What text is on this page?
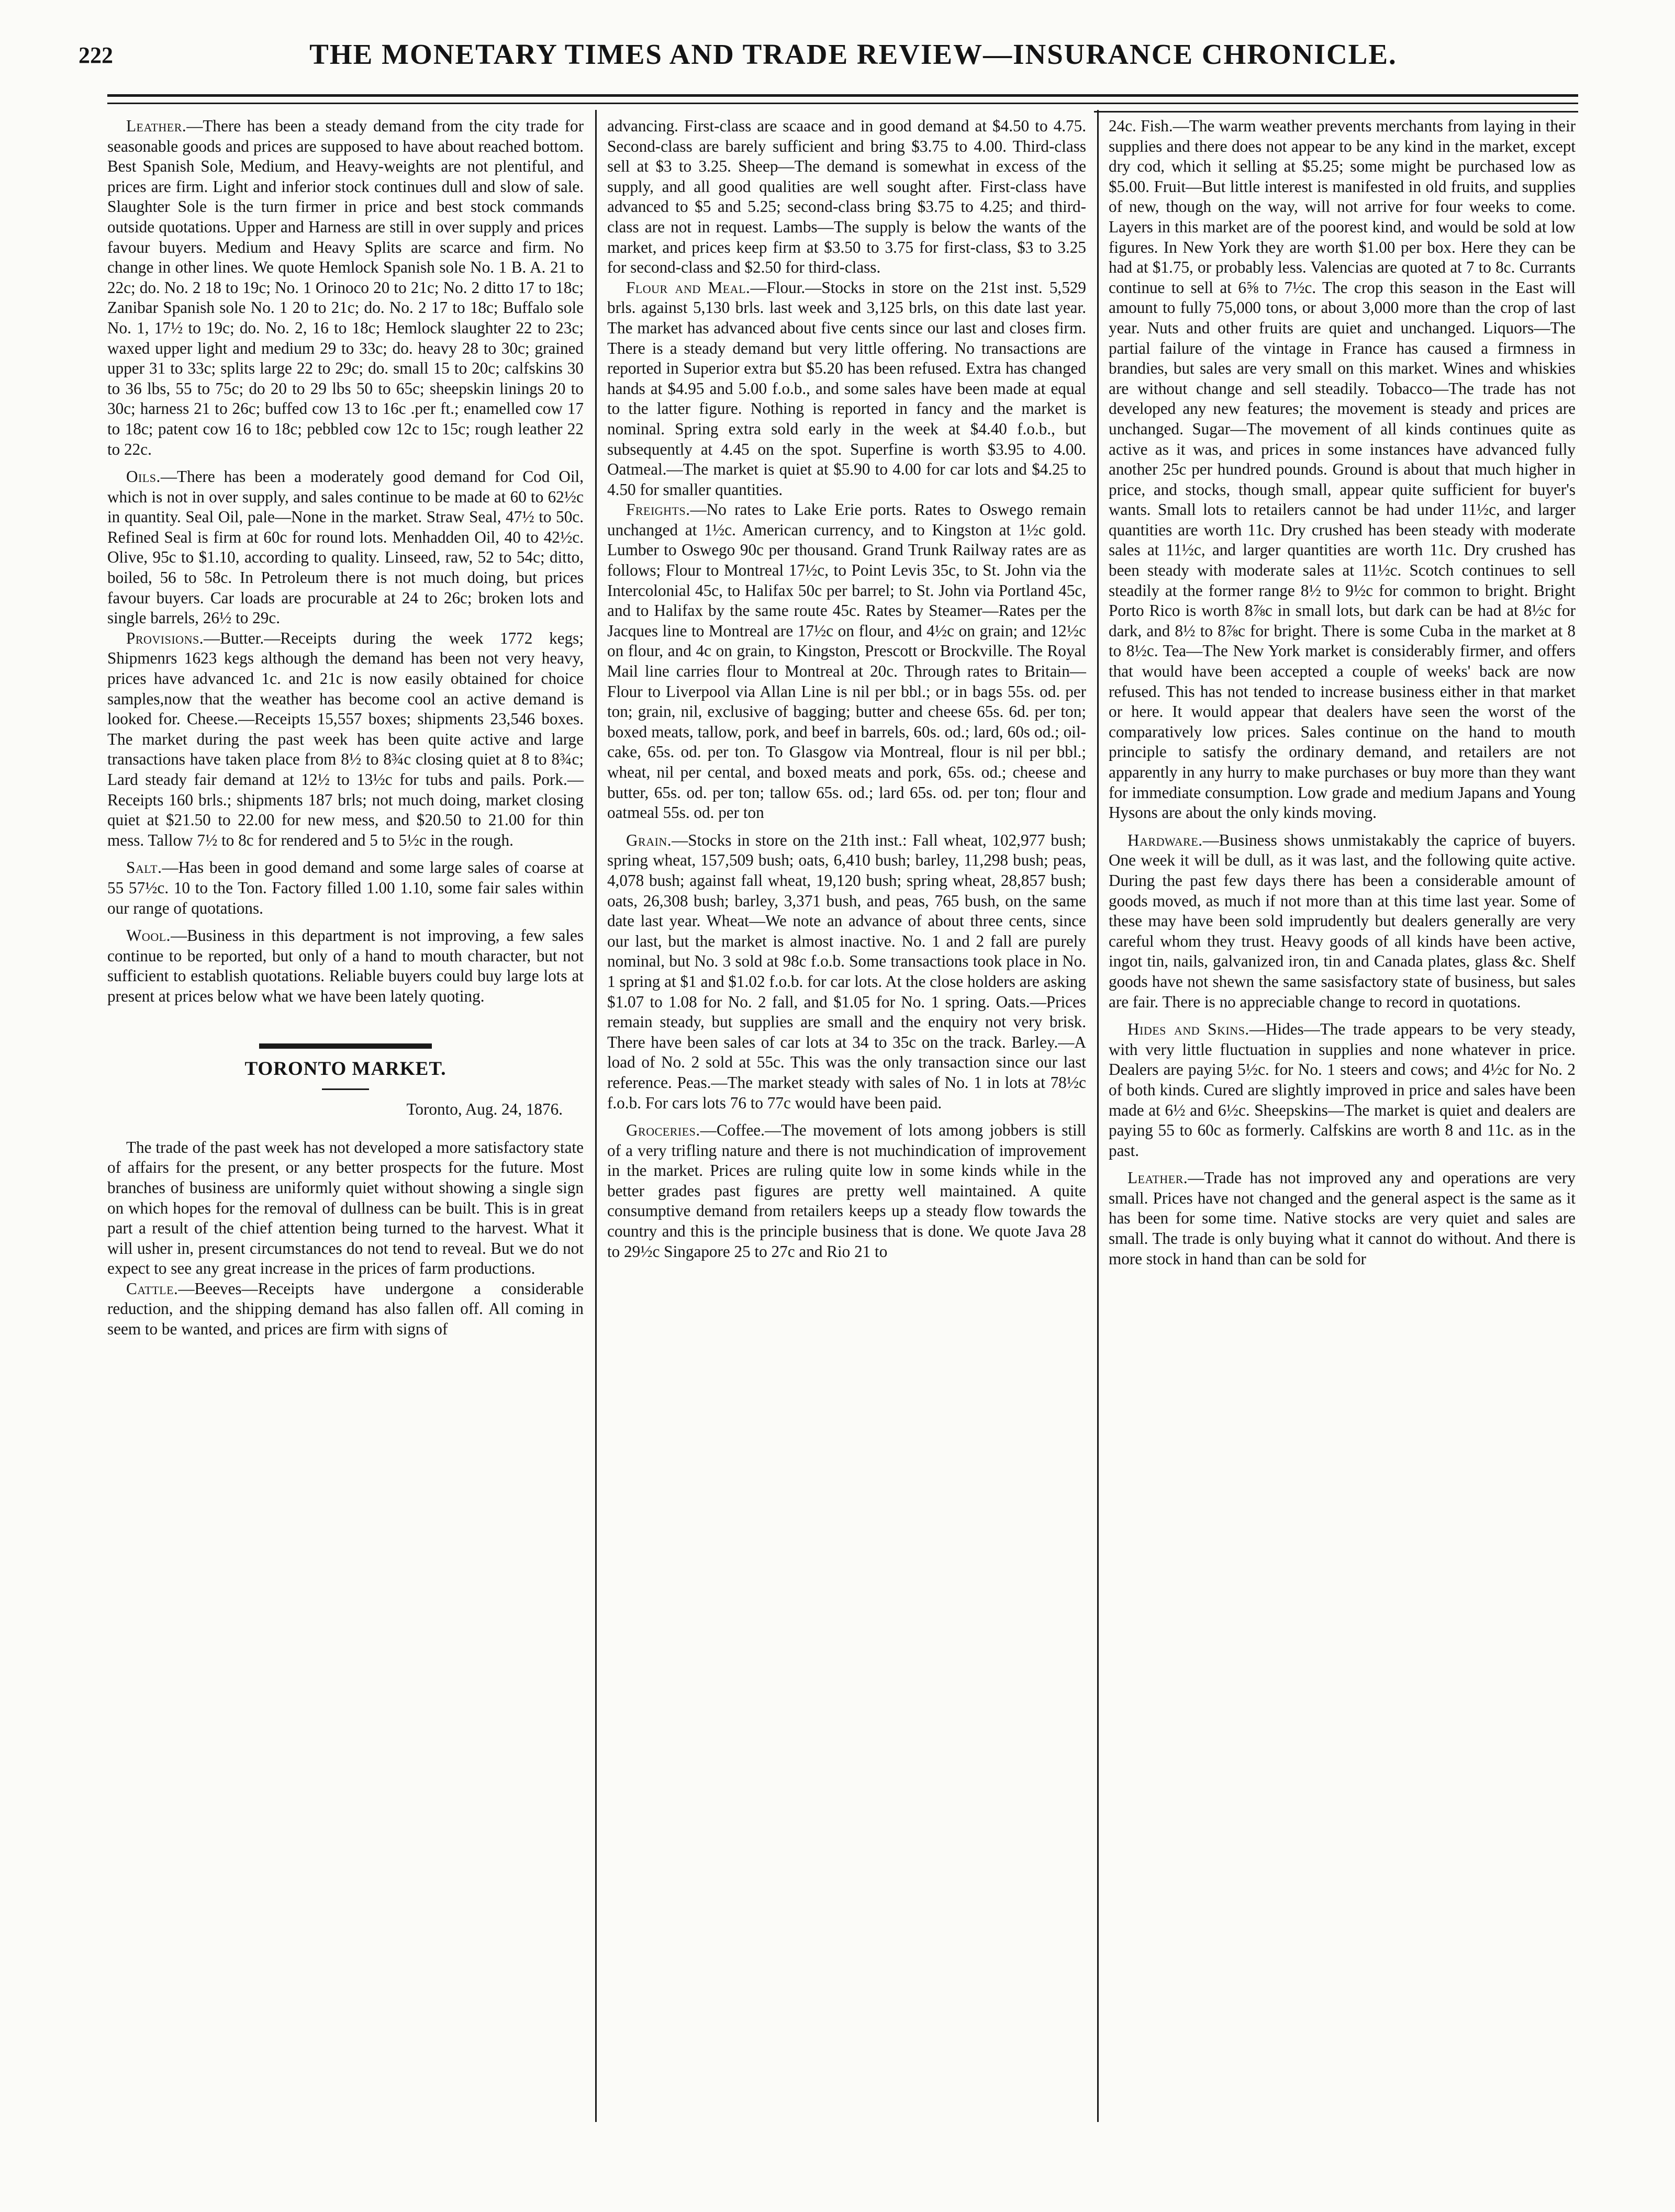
222	THE MONETARY TIMES AND TRADE REVIEW—INSURANCE CHRONICLE.

Leather.—There has been a steady demand from the city trade for seasonable goods and prices are supposed to have about reached bottom. Best Spanish Sole, Medium, and Heavy-weights are not plentiful, and prices are firm. Light and inferior stock continues dull and slow of sale. Slaughter Sole is the turn firmer in price and best stock commands outside quotations. Upper and Harness are still in over supply and prices favour buyers. Medium and Heavy Splits are scarce and firm. No change in other lines. We quote Hemlock Spanish sole No. 1 B. A. 21 to 22c; do. No. 2 18 to 19c; No. 1 Orinoco 20 to 21c; No. 2 ditto 17 to 18c; Zanibar Spanish sole No. 1 20 to 21c; do. No. 2 17 to 18c; Buffalo sole No. 1, 17½ to 19c; do. No. 2, 16 to 18c; Hemlock slaughter 22 to 23c; waxed upper light and medium 29 to 33c; do. heavy 28 to 30c; grained upper 31 to 33c; splits large 22 to 29c; do. small 15 to 20c; calfskins 30 to 36 lbs, 55 to 75c; do 20 to 29 lbs 50 to 65c; sheepskin linings 20 to 30c; harness 21 to 26c; buffed cow 13 to 16c .per ft.; enamelled cow 17 to 18c; patent cow 16 to 18c; pebbled cow 12c to 15c; rough leather 22 to 22c.

Oils.—There has been a moderately good demand for Cod Oil, which is not in over supply, and sales continue to be made at 60 to 62½c in quantity. Seal Oil, pale—None in the market. Straw Seal, 47½ to 50c. Refined Seal is firm at 60c for round lots. Menhadden Oil, 40 to 42½c. Olive, 95c to $1.10, according to quality. Linseed, raw, 52 to 54c; ditto, boiled, 56 to 58c. In Petroleum there is not much doing, but prices favour buyers. Car loads are procurable at 24 to 26c; broken lots and single barrels, 26½ to 29c.

Provisions.—Butter.—Receipts during the week 1772 kegs; Shipmenrs 1623 kegs although the demand has been not very heavy, prices have advanced 1c. and 21c is now easily obtained for choice samples,now that the weather has become cool an active demand is looked for. Cheese.—Receipts 15,557 boxes; shipments 23,546 boxes. The market during the past week has been quite active and large transactions have taken place from 8½ to 8¾c closing quiet at 8 to 8¾c; Lard steady fair demand at 12½ to 13½c for tubs and pails. Pork.—Receipts 160 brls.; shipments 187 brls; not much doing, market closing quiet at $21.50 to 22.00 for new mess, and $20.50 to 21.00 for thin mess. Tallow 7½ to 8c for rendered and 5 to 5½c in the rough.

Salt.—Has been in good demand and some large sales of coarse at 55 57½c. 10 to the Ton. Factory filled 1.00 1.10, some fair sales within our range of quotations.

Wool.—Business in this department is not improving, a few sales continue to be reported, but only of a hand to mouth character, but not sufficient to establish quotations. Reliable buyers could buy large lots at present at prices below what we have been lately quoting.

TORONTO MARKET.
Toronto, Aug. 24, 1876.

The trade of the past week has not developed a more satisfactory state of affairs for the present, or any better prospects for the future. Most branches of business are uniformly quiet without showing a single sign on which hopes for the removal of dullness can be built. This is in great part a result of the chief attention being turned to the harvest. What it will usher in, present circumstances do not tend to reveal. But we do not expect to see any great increase in the prices of farm productions.

Cattle.—Beeves—Receipts have undergone a considerable reduction, and the shipping demand has also fallen off. All coming in seem to be wanted, and prices are firm with signs of

advancing. First-class are scaace and in good demand at $4.50 to 4.75. Second-class are barely sufficient and bring $3.75 to 4.00. Third-class sell at $3 to 3.25. Sheep—The demand is somewhat in excess of the supply, and all good qualities are well sought after. First-class have advanced to $5 and 5.25; second-class bring $3.75 to 4.25; and third-class are not in request. Lambs—The supply is below the wants of the market, and prices keep firm at $3.50 to 3.75 for first-class, $3 to 3.25 for second-class and $2.50 for third-class.

Flour and Meal.—Flour.—Stocks in store on the 21st inst. 5,529 brls. against 5,130 brls. last week and 3,125 brls, on this date last year. The market has advanced about five cents since our last and closes firm. There is a steady demand but very little offering. No transactions are reported in Superior extra but $5.20 has been refused. Extra has changed hands at $4.95 and 5.00 f.o.b., and some sales have been made at equal to the latter figure. Nothing is reported in fancy and the market is nominal. Spring extra sold early in the week at $4.40 f.o.b., but subsequently at 4.45 on the spot. Superfine is worth $3.95 to 4.00. Oatmeal.—The market is quiet at $5.90 to 4.00 for car lots and $4.25 to 4.50 for smaller quantities.

Freights.—No rates to Lake Erie ports. Rates to Oswego remain unchanged at 1½c. American currency, and to Kingston at 1½c gold. Lumber to Oswego 90c per thousand. Grand Trunk Railway rates are as follows; Flour to Montreal 17½c, to Point Levis 35c, to St. John via the Intercolonial 45c, to Halifax 50c per barrel; to St. John via Portland 45c, and to Halifax by the same route 45c. Rates by Steamer—Rates per the Jacques line to Montreal are 17½c on flour, and 4½c on grain; and 12½c on flour, and 4c on grain, to Kingston, Prescott or Brockville. The Royal Mail line carries flour to Montreal at 20c. Through rates to Britain—Flour to Liverpool via Allan Line is nil per bbl.; or in bags 55s. od. per ton; grain, nil, exclusive of bagging; butter and cheese 65s. 6d. per ton; boxed meats, tallow, pork, and beef in barrels, 60s. od.; lard, 60s od.; oil-cake, 65s. od. per ton. To Glasgow via Montreal, flour is nil per bbl.; wheat, nil per cental, and boxed meats and pork, 65s. od.; cheese and butter, 65s. od. per ton; tallow 65s. od.; lard 65s. od. per ton; flour and oatmeal 55s. od. per ton

Grain.—Stocks in store on the 21th inst.: Fall wheat, 102,977 bush; spring wheat, 157,509 bush; oats, 6,410 bush; barley, 11,298 bush; peas, 4,078 bush; against fall wheat, 19,120 bush; spring wheat, 28,857 bush; oats, 26,308 bush; barley, 3,371 bush, and peas, 765 bush, on the same date last year. Wheat—We note an advance of about three cents, since our last, but the market is almost inactive. No. 1 and 2 fall are purely nominal, but No. 3 sold at 98c f.o.b. Some transactions took place in No. 1 spring at $1 and $1.02 f.o.b. for car lots. At the close holders are asking $1.07 to 1.08 for No. 2 fall, and $1.05 for No. 1 spring. Oats.—Prices remain steady, but supplies are small and the enquiry not very brisk. There have been sales of car lots at 34 to 35c on the track. Barley.—A load of No. 2 sold at 55c. This was the only transaction since our last reference. Peas.—The market steady with sales of No. 1 in lots at 78½c f.o.b. For cars lots 76 to 77c would have been paid.

Groceries.—Coffee.—The movement of lots among jobbers is still of a very trifling nature and there is not muchindication of improvement in the market. Prices are ruling quite low in some kinds while in the better grades past figures are pretty well maintained. A quite consumptive demand from retailers keeps up a steady flow towards the country and this is the principle business that is done. We quote Java 28 to 29½c Singapore 25 to 27c and Rio 21 to

24c. Fish.—The warm weather prevents merchants from laying in their supplies and there does not appear to be any kind in the market, except dry cod, which it selling at $5.25; some might be purchased low as $5.00. Fruit—But little interest is manifested in old fruits, and supplies of new, though on the way, will not arrive for four weeks to come. Layers in this market are of the poorest kind, and would be sold at low figures. In New York they are worth $1.00 per box. Here they can be had at $1.75, or probably less. Valencias are quoted at 7 to 8c. Currants continue to sell at 6⅝ to 7½c. The crop this season in the East will amount to fully 75,000 tons, or about 3,000 more than the crop of last year. Nuts and other fruits are quiet and unchanged. Liquors—The partial failure of the vintage in France has caused a firmness in brandies, but sales are very small on this market. Wines and whiskies are without change and sell steadily. Tobacco—The trade has not developed any new features; the movement is steady and prices are unchanged. Sugar—The movement of all kinds continues quite as active as it was, and prices in some instances have advanced fully another 25c per hundred pounds. Ground is about that much higher in price, and stocks, though small, appear quite sufficient for buyer's wants. Small lots to retailers cannot be had under 11½c, and larger quantities are worth 11c. Dry crushed has been steady with moderate sales at 11½c, and larger quantities are worth 11c. Dry crushed has been steady with moderate sales at 11½c. Scotch continues to sell steadily at the former range 8½ to 9½c for common to bright. Bright Porto Rico is worth 8⅞c in small lots, but dark can be had at 8½c for dark, and 8½ to 8⅞c for bright. There is some Cuba in the market at 8 to 8½c. Tea—The New York market is considerably firmer, and offers that would have been accepted a couple of weeks' back are now refused. This has not tended to increase business either in that market or here. It would appear that dealers have seen the worst of the comparatively low prices. Sales continue on the hand to mouth principle to satisfy the ordinary demand, and retailers are not apparently in any hurry to make purchases or buy more than they want for immediate consumption. Low grade and medium Japans and Young Hysons are about the only kinds moving.

Hardware.—Business shows unmistakably the caprice of buyers. One week it will be dull, as it was last, and the following quite active. During the past few days there has been a considerable amount of goods moved, as much if not more than at this time last year. Some of these may have been sold imprudently but dealers generally are very careful whom they trust. Heavy goods of all kinds have been active, ingot tin, nails, galvanized iron, tin and Canada plates, glass &c. Shelf goods have not shewn the same sasisfactory state of business, but sales are fair. There is no appreciable change to record in quotations.

Hides and Skins.—Hides—The trade appears to be very steady, with very little fluctuation in supplies and none whatever in price. Dealers are paying 5½c. for No. 1 steers and cows; and 4½c for No. 2 of both kinds. Cured are slightly improved in price and sales have been made at 6½ and 6½c. Sheepskins—The market is quiet and dealers are paying 55 to 60c as formerly. Calfskins are worth 8 and 11c. as in the past.

Leather.—Trade has not improved any and operations are very small. Prices have not changed and the general aspect is the same as it has been for some time. Native stocks are very quiet and sales are small. The trade is only buying what it cannot do without. And there is more stock in hand than can be sold for
